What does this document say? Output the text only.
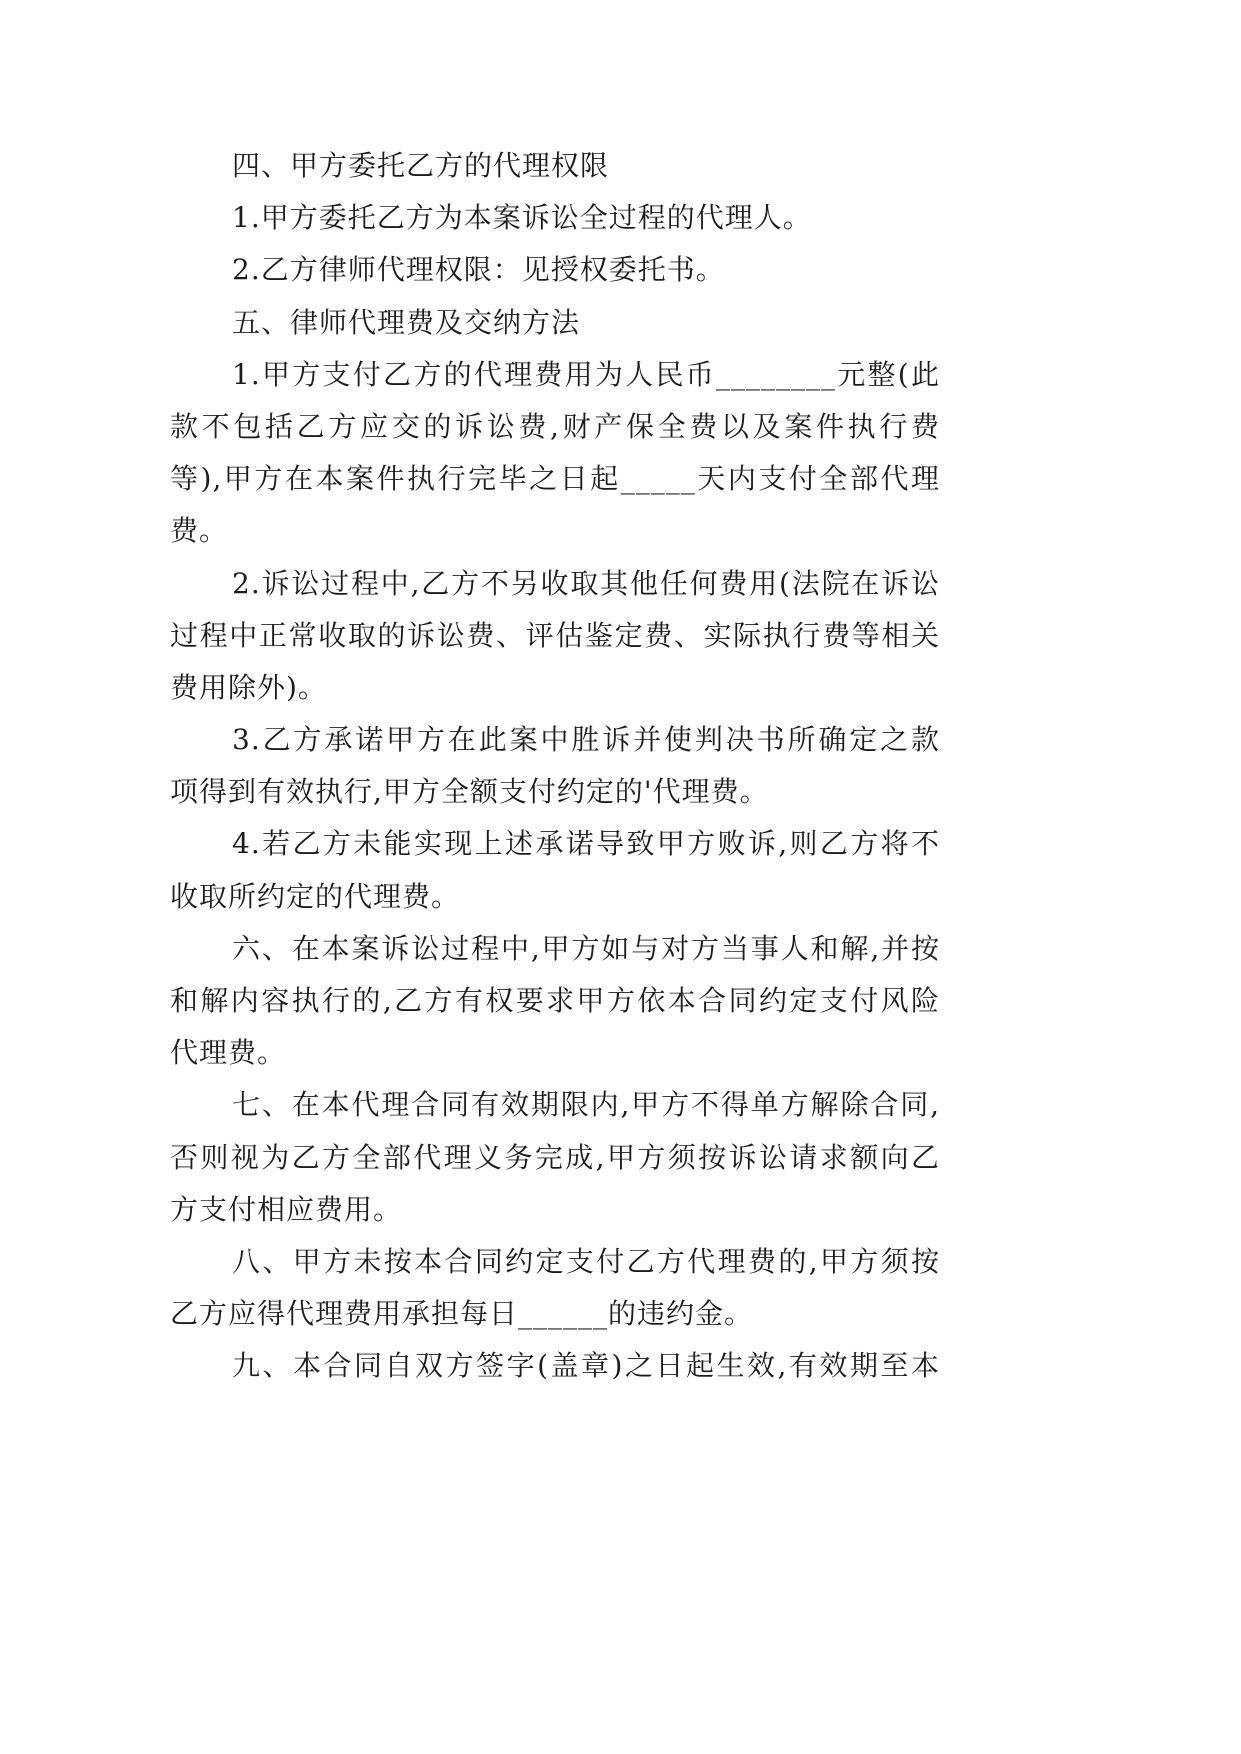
四、甲方委托乙方的代理权限
1.甲方委托乙方为本案诉讼全过程的代理人。
2.乙方律师代理权限：见授权委托书。
五、律师代理费及交纳方法
1.甲方支付乙方的代理费用为人民币________元整(此
款不包括乙方应交的诉讼费,财产保全费以及案件执行费
等),甲方在本案件执行完毕之日起_____天内支付全部代理
费。
2.诉讼过程中,乙方不另收取其他任何费用(法院在诉讼
过程中正常收取的诉讼费、评估鉴定费、实际执行费等相关
费用除外)。
3.乙方承诺甲方在此案中胜诉并使判决书所确定之款
项得到有效执行,甲方全额支付约定的'代理费。
4.若乙方未能实现上述承诺导致甲方败诉,则乙方将不
收取所约定的代理费。
六、在本案诉讼过程中,甲方如与对方当事人和解,并按
和解内容执行的,乙方有权要求甲方依本合同约定支付风险
代理费。
七、在本代理合同有效期限内,甲方不得单方解除合同,
否则视为乙方全部代理义务完成,甲方须按诉讼请求额向乙
方支付相应费用。
八、甲方未按本合同约定支付乙方代理费的,甲方须按
乙方应得代理费用承担每日______的违约金。
九、本合同自双方签字(盖章)之日起生效,有效期至本
